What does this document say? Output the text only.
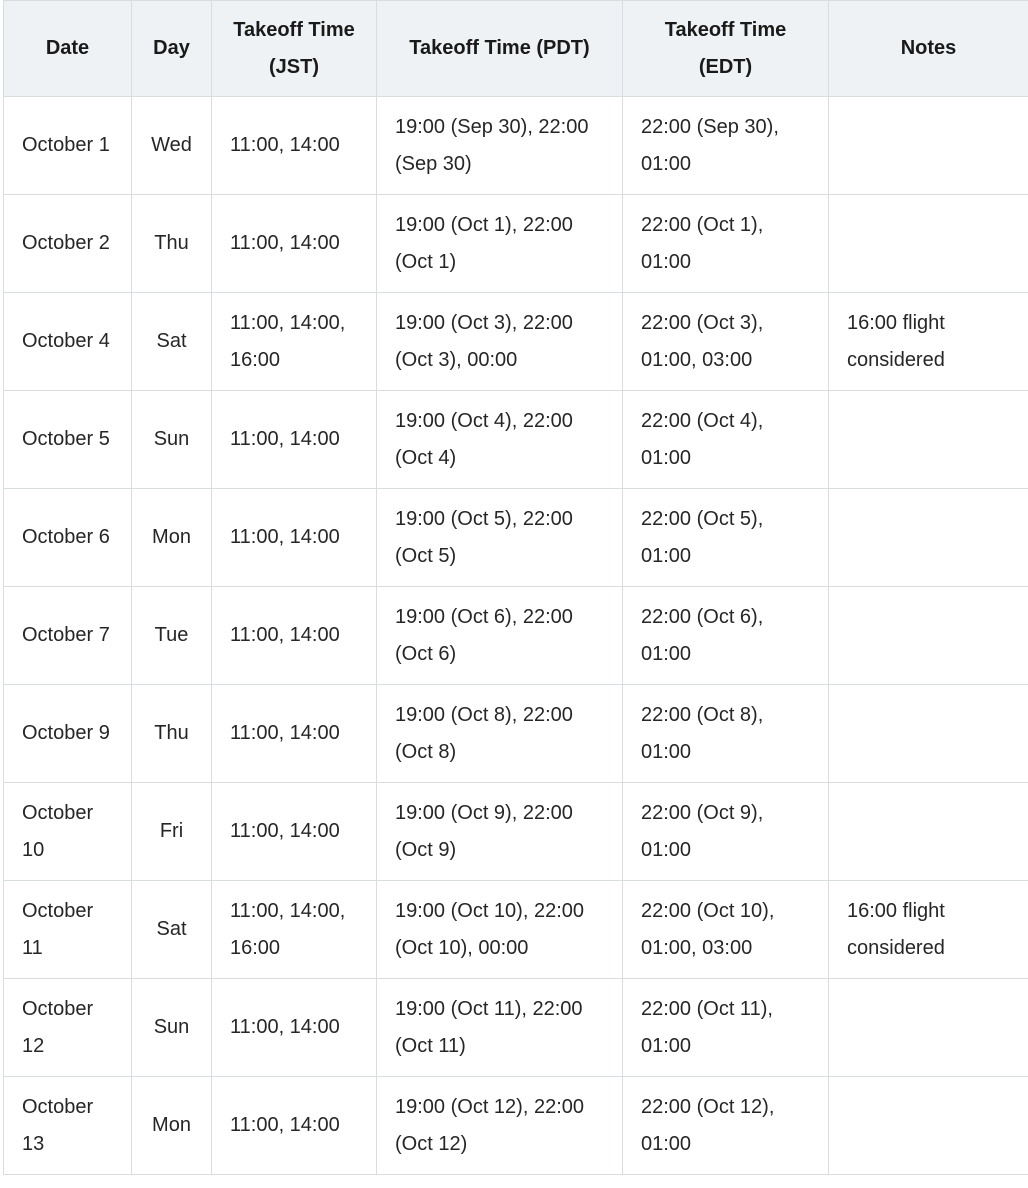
Date	Day	Takeoff Time (JST)	Takeoff Time (PDT)	Takeoff Time (EDT)	Notes
October 1	Wed	11:00, 14:00	19:00 (Sep 30), 22:00 (Sep 30)	22:00 (Sep 30), 01:00	
October 2	Thu	11:00, 14:00	19:00 (Oct 1), 22:00 (Oct 1)	22:00 (Oct 1), 01:00	
October 4	Sat	11:00, 14:00, 16:00	19:00 (Oct 3), 22:00 (Oct 3), 00:00	22:00 (Oct 3), 01:00, 03:00	16:00 flight considered
October 5	Sun	11:00, 14:00	19:00 (Oct 4), 22:00 (Oct 4)	22:00 (Oct 4), 01:00	
October 6	Mon	11:00, 14:00	19:00 (Oct 5), 22:00 (Oct 5)	22:00 (Oct 5), 01:00	
October 7	Tue	11:00, 14:00	19:00 (Oct 6), 22:00 (Oct 6)	22:00 (Oct 6), 01:00	
October 9	Thu	11:00, 14:00	19:00 (Oct 8), 22:00 (Oct 8)	22:00 (Oct 8), 01:00	
October 10	Fri	11:00, 14:00	19:00 (Oct 9), 22:00 (Oct 9)	22:00 (Oct 9), 01:00	
October 11	Sat	11:00, 14:00, 16:00	19:00 (Oct 10), 22:00 (Oct 10), 00:00	22:00 (Oct 10), 01:00, 03:00	16:00 flight considered
October 12	Sun	11:00, 14:00	19:00 (Oct 11), 22:00 (Oct 11)	22:00 (Oct 11), 01:00	
October 13	Mon	11:00, 14:00	19:00 (Oct 12), 22:00 (Oct 12)	22:00 (Oct 12), 01:00	
